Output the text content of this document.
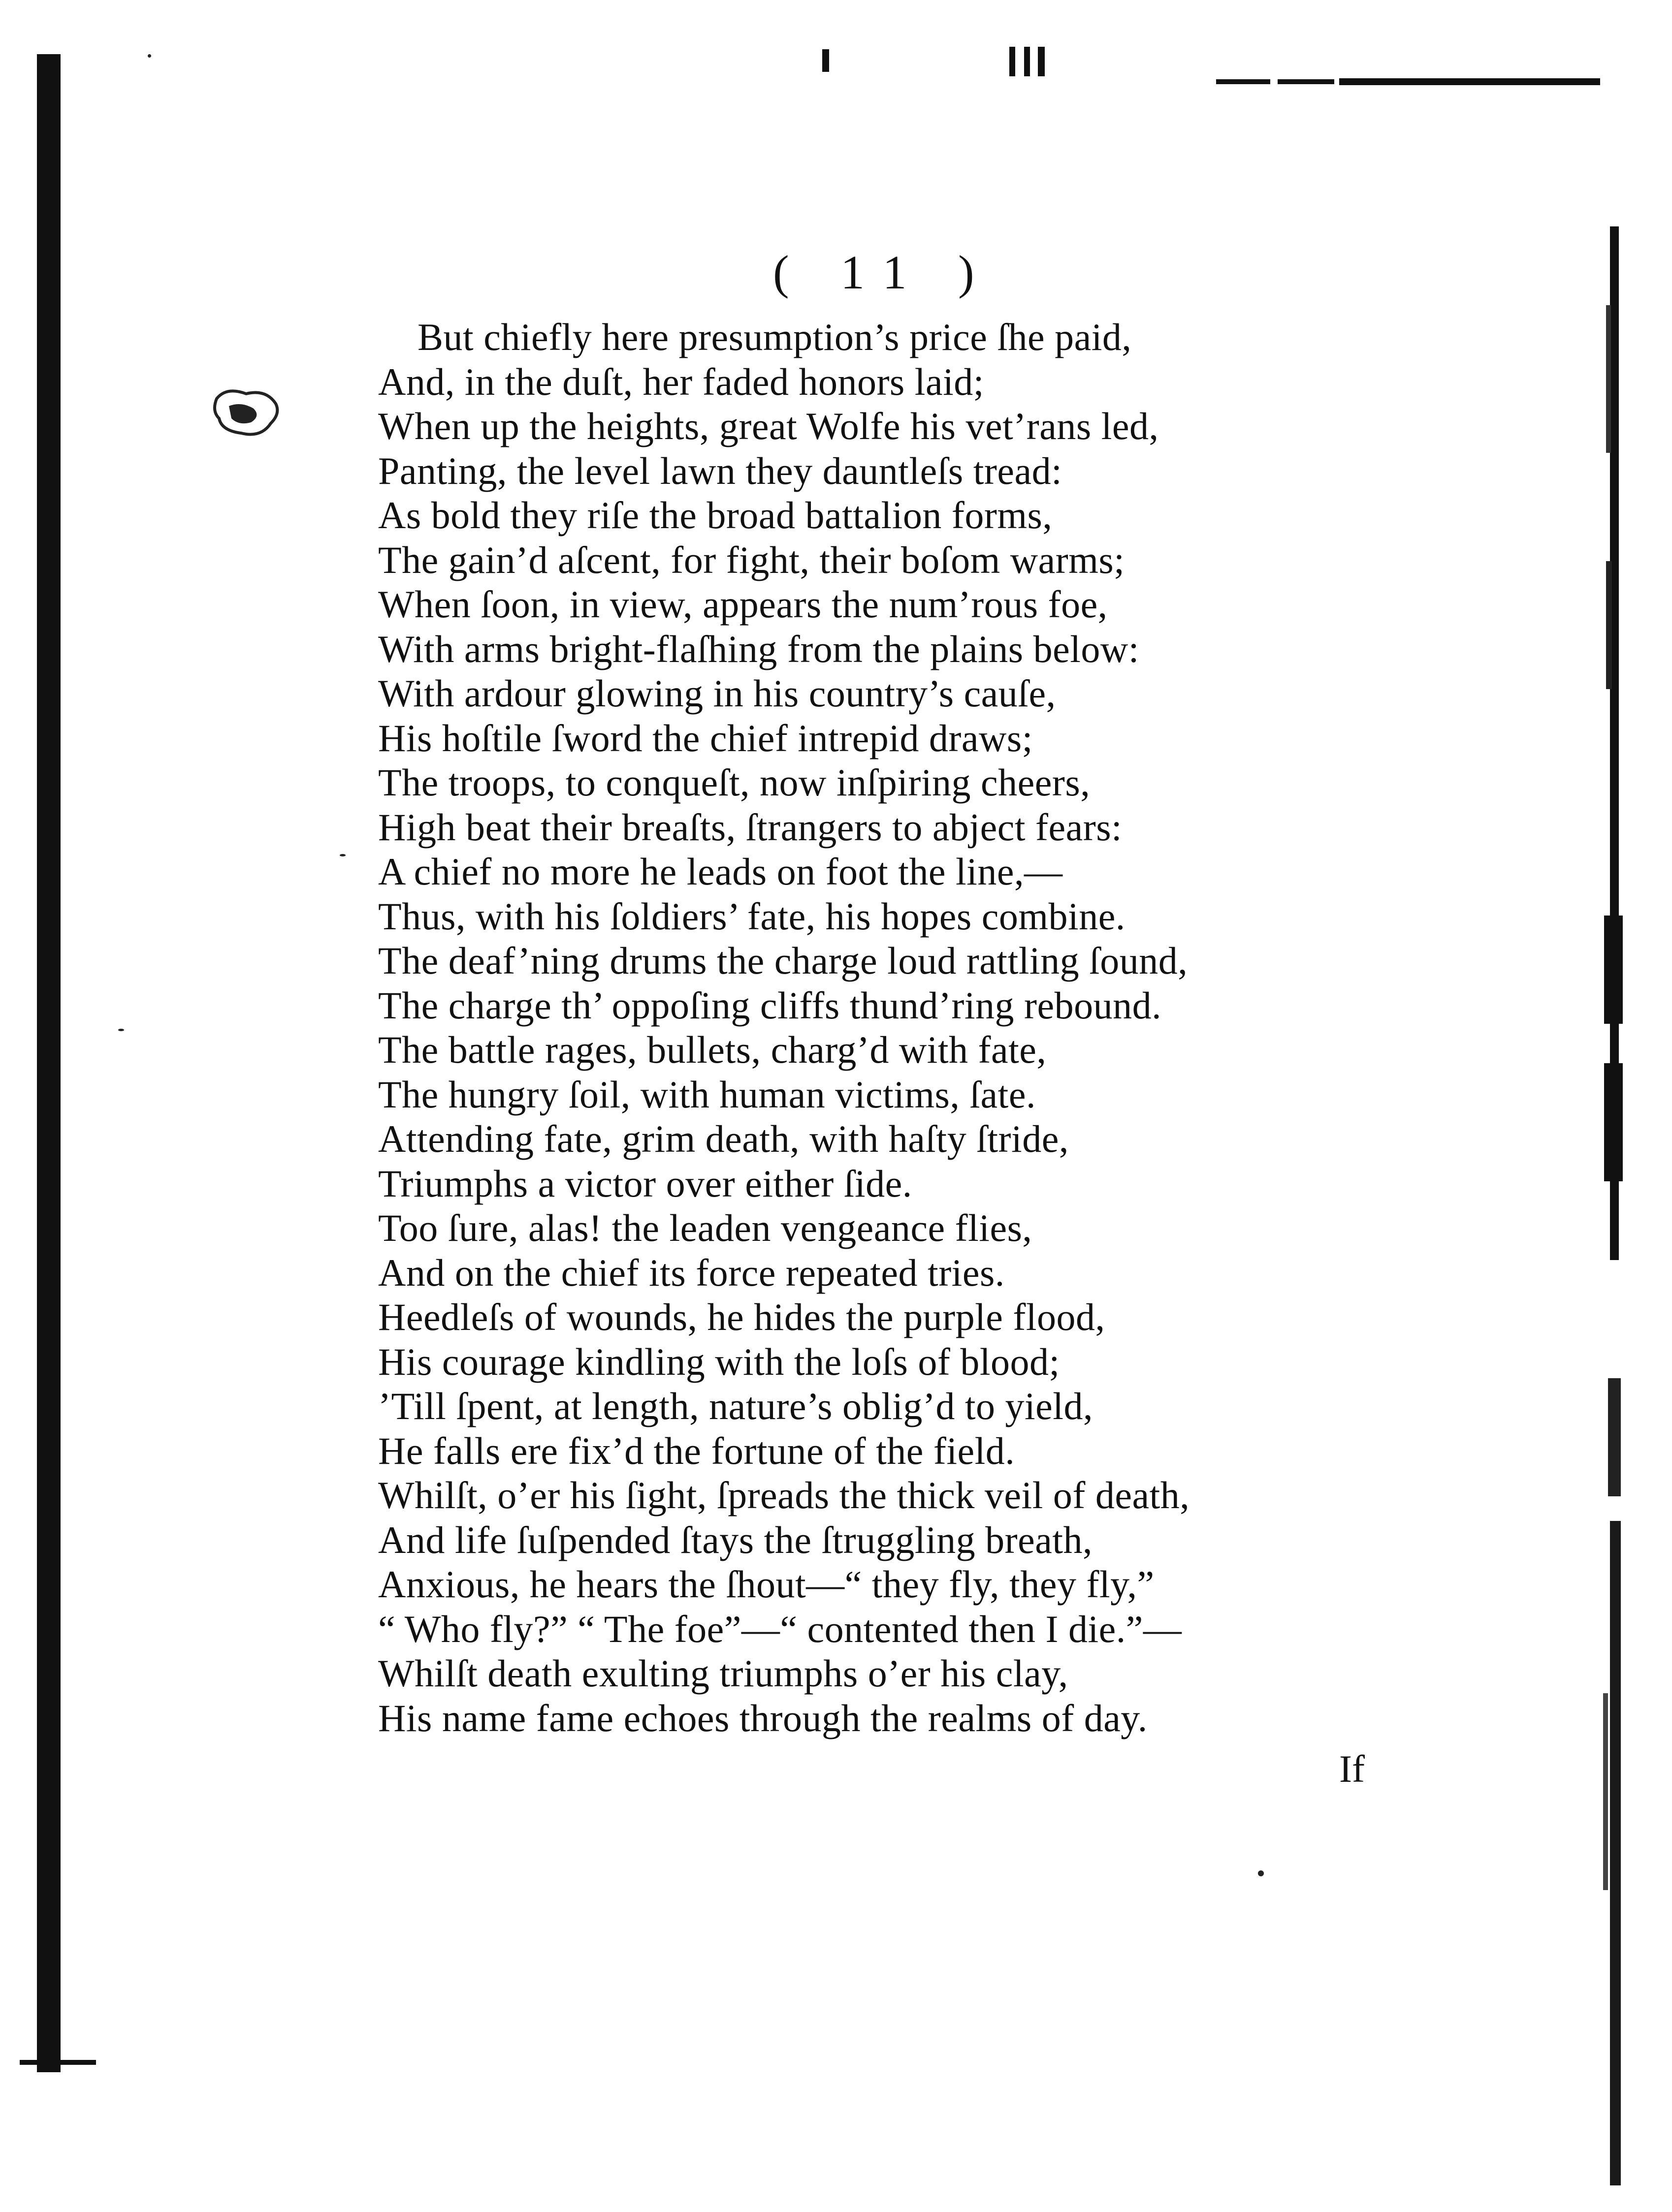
( 11 )
But chiefly here presumption’s price ſhe paid,
And, in the duſt, her faded honors laid;
When up the heights, great Wolfe his vet’rans led,
Panting, the level lawn they dauntleſs tread:
As bold they riſe the broad battalion forms,
The gain’d aſcent, for fight, their boſom warms;
When ſoon, in view, appears the num’rous foe,
With arms bright-flaſhing from the plains below:
With ardour glowing in his country’s cauſe,
His hoſtile ſword the chief intrepid draws;
The troops, to conqueſt, now inſpiring cheers,
High beat their breaſts, ſtrangers to abject fears:
A chief no more he leads on foot the line,—
Thus, with his ſoldiers’ fate, his hopes combine.
The deaf’ning drums the charge loud rattling ſound,
The charge th’ oppoſing cliffs thund’ring rebound.
The battle rages, bullets, charg’d with fate,
The hungry ſoil, with human victims, ſate.
Attending fate, grim death, with haſty ſtride,
Triumphs a victor over either ſide.
Too ſure, alas! the leaden vengeance flies,
And on the chief its force repeated tries.
Heedleſs of wounds, he hides the purple flood,
His courage kindling with the loſs of blood;
’Till ſpent, at length, nature’s oblig’d to yield,
He falls ere fix’d the fortune of the field.
Whilſt, o’er his ſight, ſpreads the thick veil of death,
And life ſuſpended ſtays the ſtruggling breath,
Anxious, he hears the ſhout—“ they fly, they fly,”
“ Who fly?” “ The foe”—“ contented then I die.”—
Whilſt death exulting triumphs o’er his clay,
His name fame echoes through the realms of day.
If
